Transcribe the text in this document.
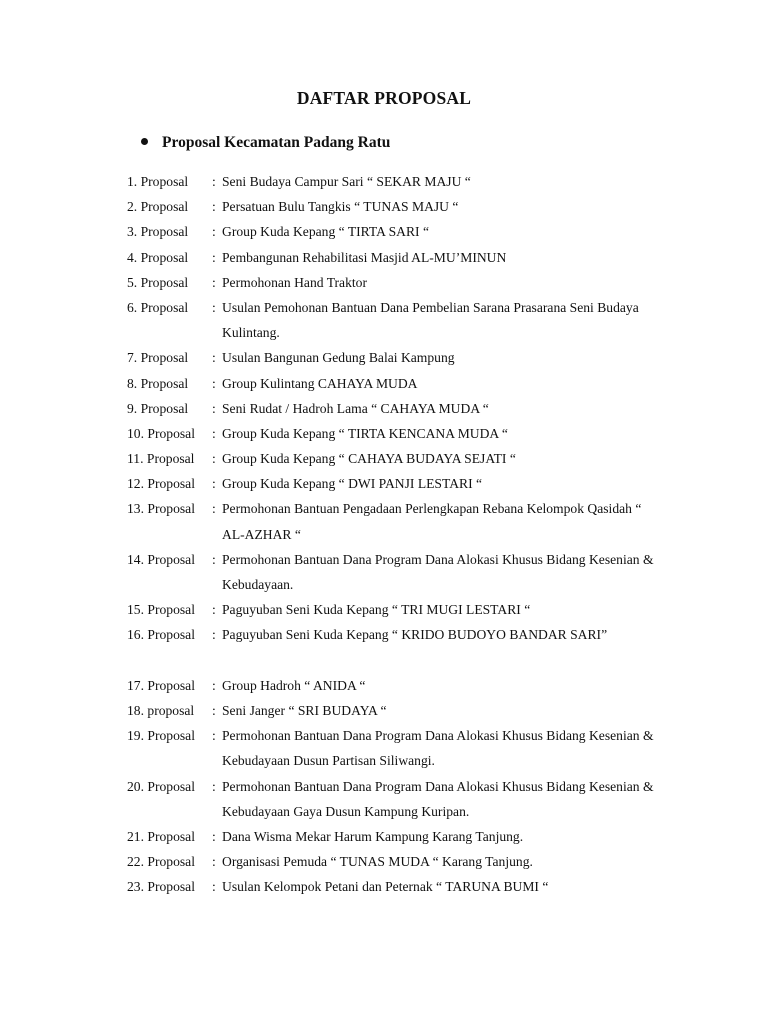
DAFTAR PROPOSAL
Proposal Kecamatan Padang Ratu
1. Proposal : Seni Budaya Campur Sari “ SEKAR MAJU “
2. Proposal : Persatuan Bulu Tangkis “ TUNAS MAJU “
3. Proposal : Group Kuda Kepang “ TIRTA SARI “
4. Proposal : Pembangunan Rehabilitasi Masjid AL-MU’MINUN
5. Proposal : Permohonan Hand Traktor
6. Proposal : Usulan Pemohonan Bantuan Dana Pembelian Sarana Prasarana Seni Budaya Kulintang.
7. Proposal : Usulan Bangunan Gedung Balai Kampung
8. Proposal : Group Kulintang CAHAYA MUDA
9. Proposal : Seni Rudat / Hadroh Lama “ CAHAYA MUDA “
10. Proposal : Group Kuda Kepang “ TIRTA KENCANA MUDA “
11. Proposal : Group Kuda Kepang “ CAHAYA BUDAYA SEJATI “
12. Proposal : Group Kuda Kepang “ DWI PANJI LESTARI “
13. Proposal : Permohonan Bantuan Pengadaan Perlengkapan Rebana Kelompok Qasidah “ AL-AZHAR “
14. Proposal : Permohonan Bantuan Dana Program Dana Alokasi Khusus Bidang Kesenian & Kebudayaan.
15. Proposal : Paguyuban Seni Kuda Kepang “ TRI MUGI LESTARI “
16. Proposal : Paguyuban Seni Kuda Kepang “ KRIDO BUDOYO BANDAR SARI”
17. Proposal : Group Hadroh “ ANIDA “
18. proposal : Seni Janger “ SRI BUDAYA “
19. Proposal : Permohonan Bantuan Dana Program Dana Alokasi Khusus Bidang Kesenian & Kebudayaan Dusun Partisan Siliwangi.
20. Proposal : Permohonan Bantuan Dana Program Dana Alokasi Khusus Bidang Kesenian & Kebudayaan Gaya Dusun Kampung Kuripan.
21. Proposal : Dana Wisma Mekar Harum Kampung Karang Tanjung.
22. Proposal : Organisasi Pemuda “ TUNAS MUDA “ Karang Tanjung.
23. Proposal : Usulan Kelompok Petani dan Peternak “ TARUNA BUMI “
